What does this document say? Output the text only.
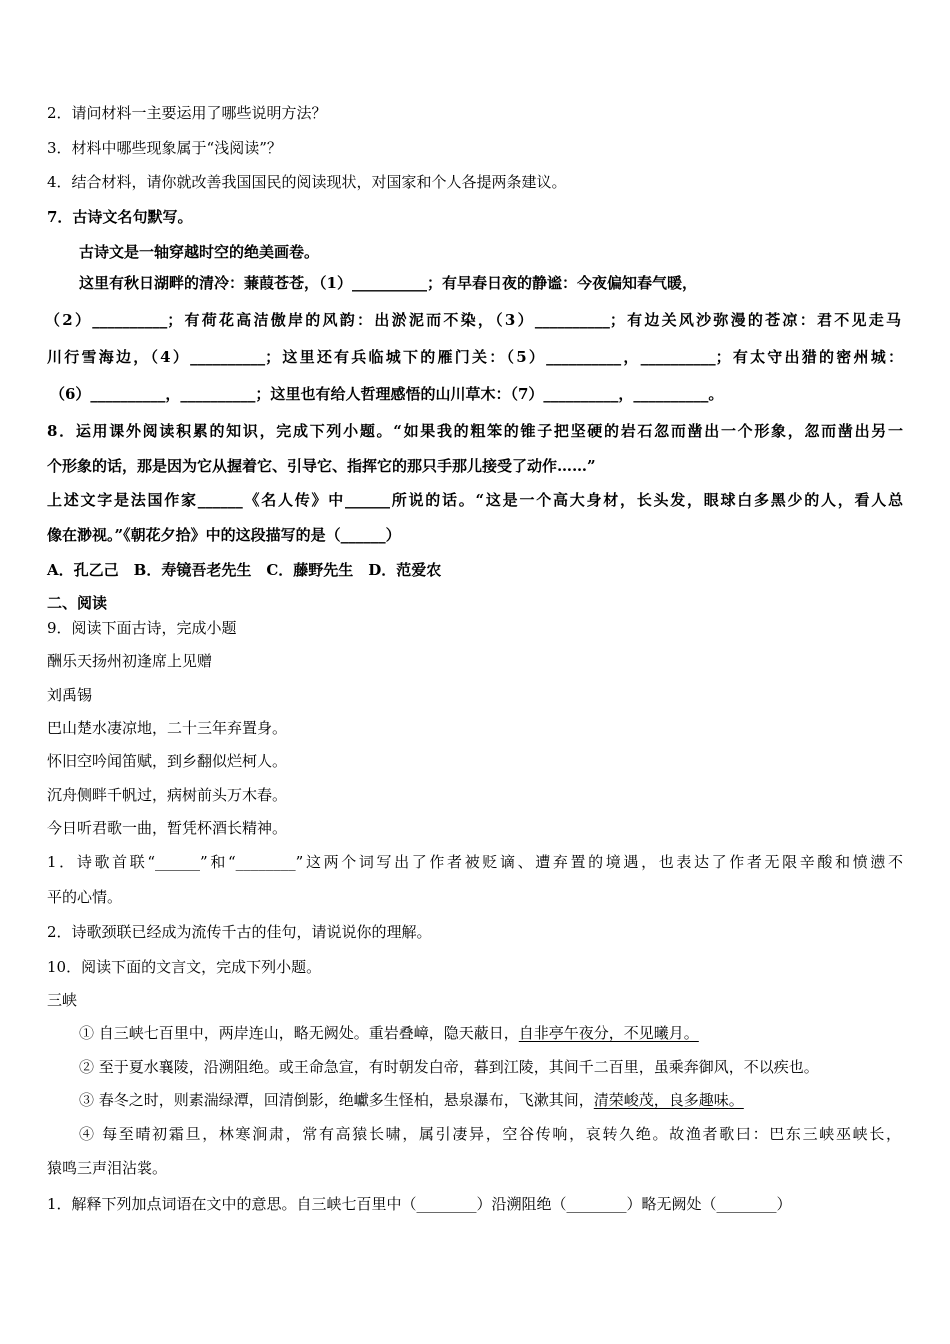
2．请问材料一主要运用了哪些说明方法？
3．材料中哪些现象属于“浅阅读”？
4．结合材料，请你就改善我国国民的阅读现状，对国家和个人各提两条建议。
7．古诗文名句默写。
古诗文是一轴穿越时空的绝美画卷。
这里有秋日湖畔的清冷：蒹葭苍苍，（1）__________；有早春日夜的静谧：今夜偏知春气暖，
（2）__________；有荷花高洁傲岸的风韵：出淤泥而不染，（3）__________；有边关风沙弥漫的苍凉：君不见走马
川行雪海边，（4）__________；这里还有兵临城下的雁门关：（5）__________，__________；有太守出猎的密州城：
（6）__________，__________；这里也有给人哲理感悟的山川草木：（7）__________，__________。
8．运用课外阅读积累的知识，完成下列小题。“如果我的粗笨的锥子把坚硬的岩石忽而凿出一个形象，忽而凿出另一
个形象的话，那是因为它从握着它、引导它、指挥它的那只手那儿接受了动作……”
上述文字是法国作家______《名人传》中______所说的话。“这是一个高大身材，长头发，眼球白多黑少的人，看人总
像在渺视。”《朝花夕拾》中的这段描写的是（______）
A．孔乙己　B．寿镜吾老先生　C．藤野先生　D．范爱农
二、阅读
9．阅读下面古诗，完成小题
酬乐天扬州初逢席上见赠
刘禹锡
巴山楚水凄凉地，二十三年弃置身。
怀旧空吟闻笛赋，到乡翻似烂柯人。
沉舟侧畔千帆过，病树前头万木春。
今日听君歌一曲，暂凭杯酒长精神。
1．诗歌首联“______”和“________”这两个词写出了作者被贬谪、遭弃置的境遇，也表达了作者无限辛酸和愤懑不
平的心情。
2．诗歌颈联已经成为流传千古的佳句，请说说你的理解。
10．阅读下面的文言文，完成下列小题。
三峡
① 自三峡七百里中，两岸连山，略无阙处。重岩叠嶂，隐天蔽日，自非亭午夜分，不见曦月。
② 至于夏水襄陵，沿溯阻绝。或王命急宣，有时朝发白帝，暮到江陵，其间千二百里，虽乘奔御风，不以疾也。
③ 春冬之时，则素湍绿潭，回清倒影，绝巘多生怪柏，悬泉瀑布，飞漱其间，清荣峻茂，良多趣味。
④ 每至晴初霜旦，林寒涧肃，常有高猿长啸，属引凄异，空谷传响，哀转久绝。故渔者歌曰：巴东三峡巫峡长，
猿鸣三声泪沾裳。
1．解释下列加点词语在文中的意思。自三峡七百里中（________）沿溯阻绝（________）略无阙处（________）
